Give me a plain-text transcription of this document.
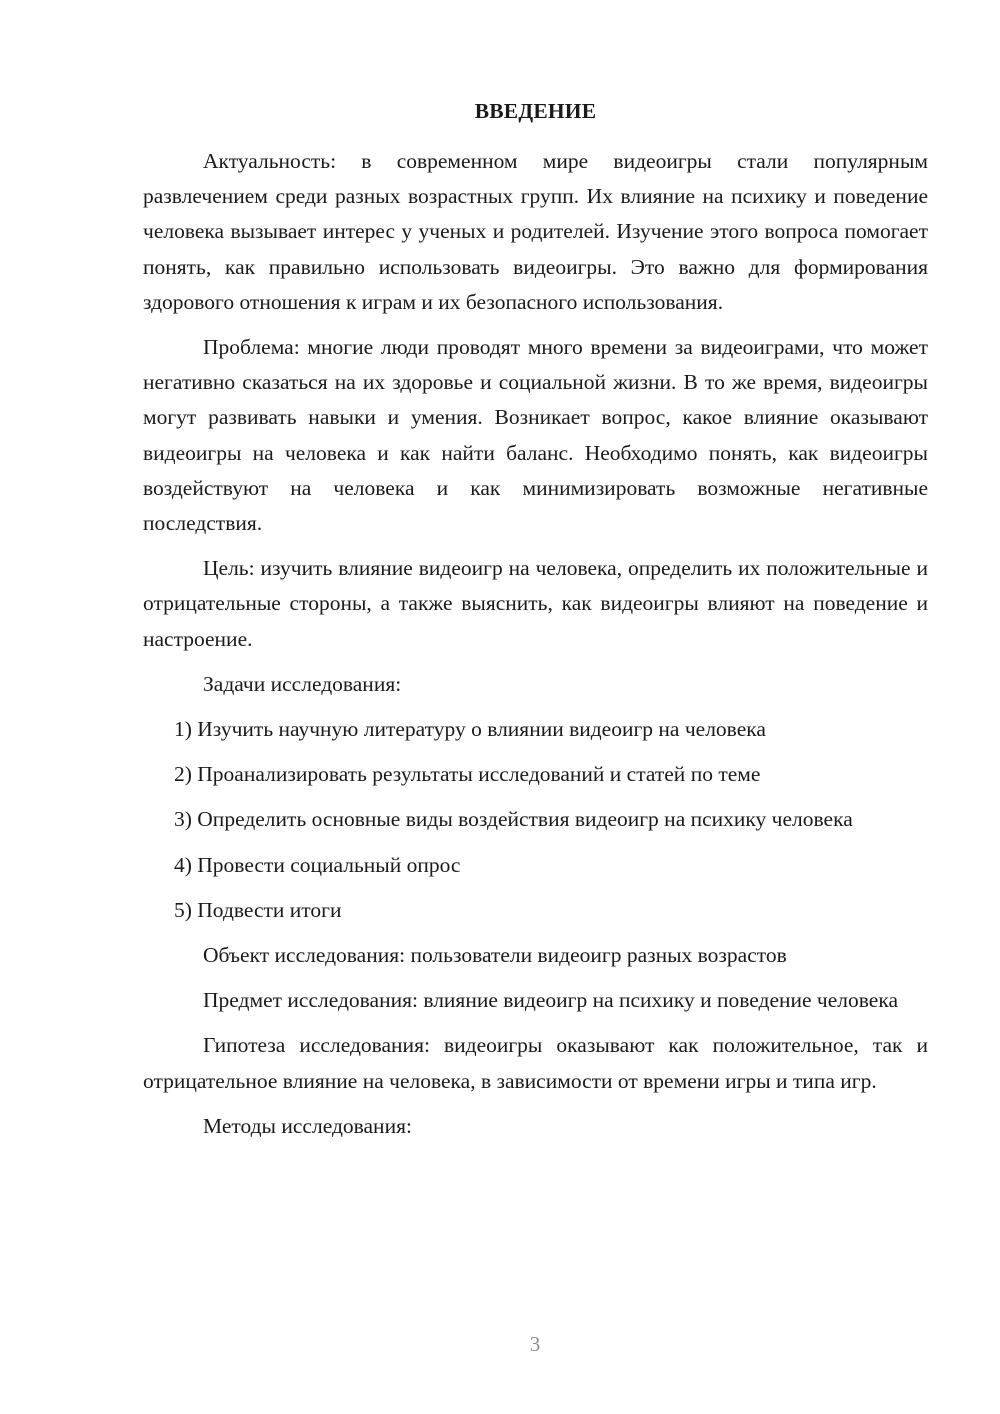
ВВЕДЕНИЕ

Актуальность: в современном мире видеоигры стали популярным развлечением среди разных возрастных групп. Их влияние на психику и поведение человека вызывает интерес у ученых и родителей. Изучение этого вопроса помогает понять, как правильно использовать видеоигры. Это важно для формирования здорового отношения к играм и их безопасного использования.

Проблема: многие люди проводят много времени за видеоиграми, что может негативно сказаться на их здоровье и социальной жизни. В то же время, видеоигры могут развивать навыки и умения. Возникает вопрос, какое влияние оказывают видеоигры на человека и как найти баланс. Необходимо понять, как видеоигры воздействуют на человека и как минимизировать возможные негативные последствия.

Цель: изучить влияние видеоигр на человека, определить их положительные и отрицательные стороны, а также выяснить, как видеоигры влияют на поведение и настроение.

Задачи исследования:

1) Изучить научную литературу о влиянии видеоигр на человека

2) Проанализировать результаты исследований и статей по теме

3) Определить основные виды воздействия видеоигр на психику человека

4) Провести социальный опрос

5) Подвести итоги

Объект исследования: пользователи видеоигр разных возрастов

Предмет исследования: влияние видеоигр на психику и поведение человека

Гипотеза исследования: видеоигры оказывают как положительное, так и отрицательное влияние на человека, в зависимости от времени игры и типа игр.

Методы исследования:

3
